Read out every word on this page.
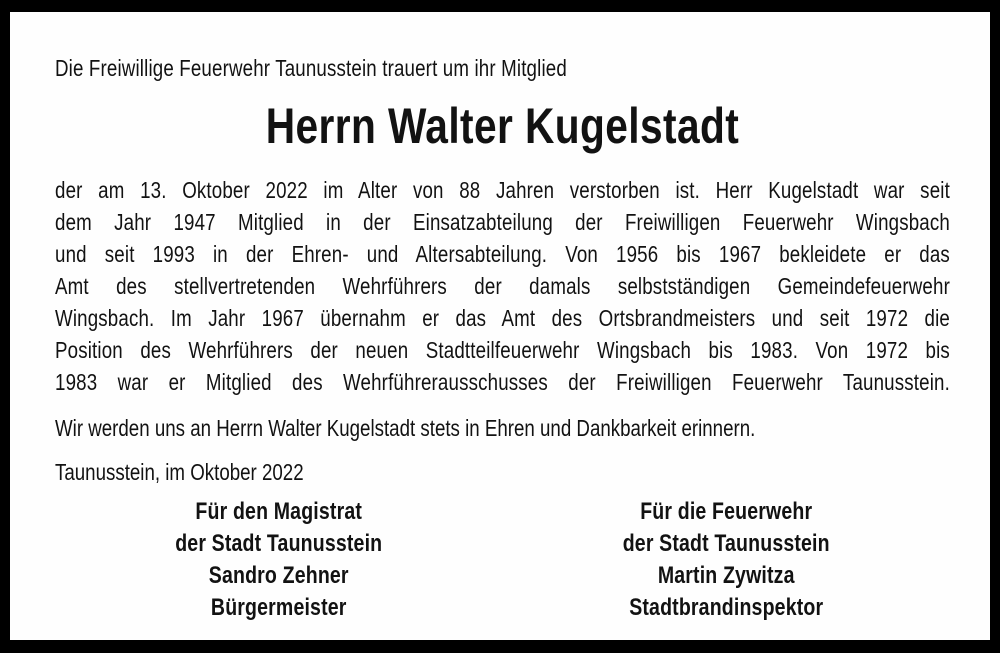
Die Freiwillige Feuerwehr Taunusstein trauert um ihr Mitglied
Herrn Walter Kugelstadt
der am 13. Oktober 2022 im Alter von 88 Jahren verstorben ist. Herr Kugelstadt war seit
dem Jahr 1947 Mitglied in der Einsatzabteilung der Freiwilligen Feuerwehr Wingsbach
und seit 1993 in der Ehren- und Altersabteilung. Von 1956 bis 1967 bekleidete er das
Amt des stellvertretenden Wehrführers der damals selbstständigen Gemeindefeuerwehr
Wingsbach. Im Jahr 1967 übernahm er das Amt des Ortsbrandmeisters und seit 1972 die
Position des Wehrführers der neuen Stadtteilfeuerwehr Wingsbach bis 1983. Von 1972 bis
1983 war er Mitglied des Wehrführerausschusses der Freiwilligen Feuerwehr Taunusstein.
Wir werden uns an Herrn Walter Kugelstadt stets in Ehren und Dankbarkeit erinnern.
Taunusstein, im Oktober 2022
Für den Magistrat
der Stadt Taunusstein
Sandro Zehner
Bürgermeister
Für die Feuerwehr
der Stadt Taunusstein
Martin Zywitza
Stadtbrandinspektor
